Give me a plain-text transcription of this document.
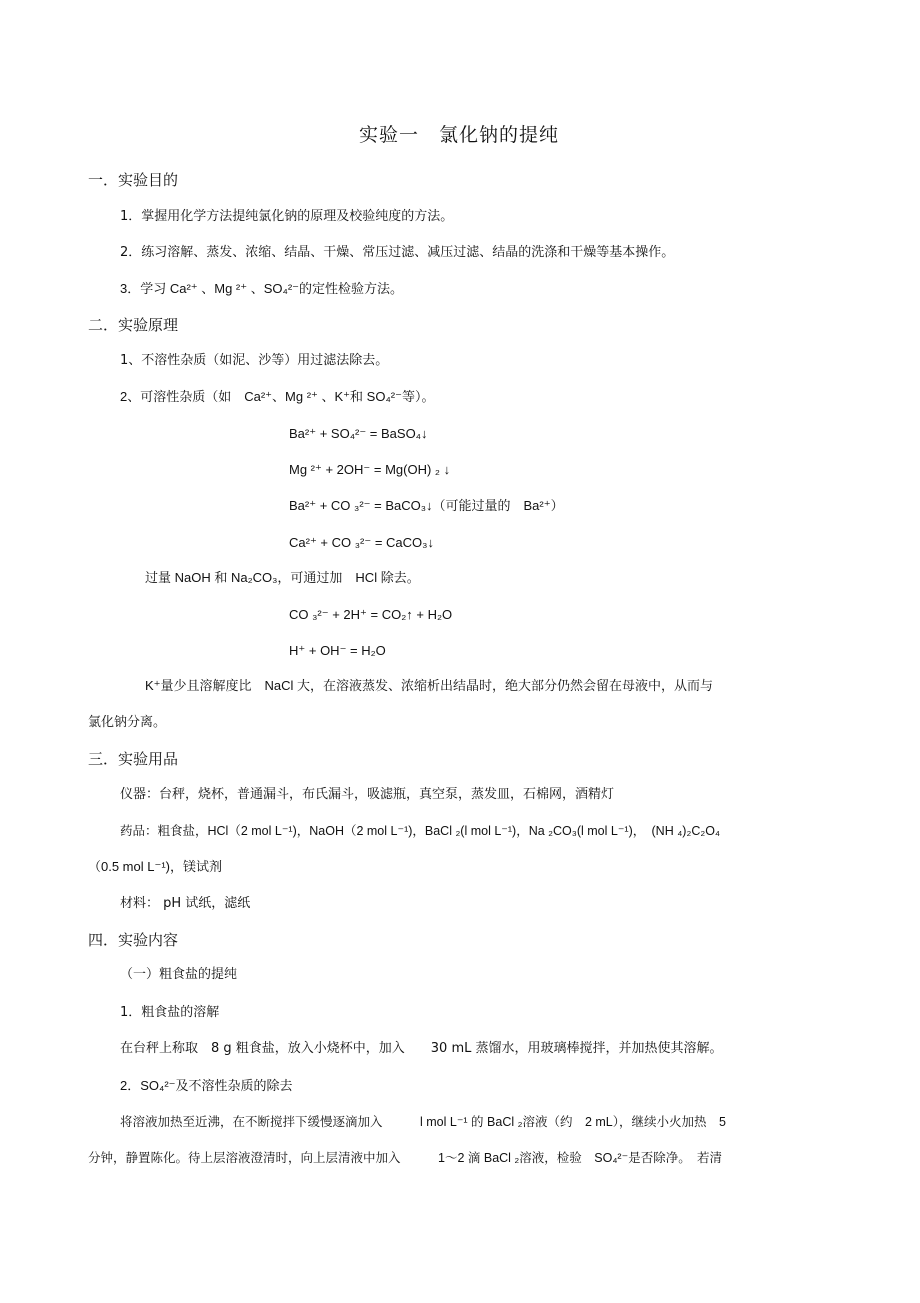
实验一　氯化钠的提纯
一．实验目的
1．掌握用化学方法提纯氯化钠的原理及校验纯度的方法。
2．练习溶解、蒸发、浓缩、结晶、干燥、常压过滤、减压过滤、结晶的洗涤和干燥等基本操作。
3．学习 Ca²⁺ 、Mg ²⁺ 、SO₄²⁻的定性检验方法。
二．实验原理
1、不溶性杂质（如泥、沙等）用过滤法除去。
2、可溶性杂质（如　Ca²⁺、Mg ²⁺ 、K⁺和 SO₄²⁻等）。
Ba²⁺ + SO₄²⁻ = BaSO₄↓
Mg ²⁺ + 2OH⁻ = Mg(OH) ₂ ↓
Ba²⁺ + CO ₃²⁻ = BaCO₃↓（可能过量的　Ba²⁺）
Ca²⁺ + CO ₃²⁻ = CaCO₃↓
过量 NaOH 和 Na₂CO₃，可通过加　HCl 除去。
CO ₃²⁻ + 2H⁺ = CO₂↑ + H₂O
H⁺ + OH⁻ = H₂O
K⁺量少且溶解度比　NaCl 大，在溶液蒸发、浓缩析出结晶时，绝大部分仍然会留在母液中，从而与
氯化钠分离。
三．实验用品
仪器：台秤，烧杯，普通漏斗，布氏漏斗，吸滤瓶，真空泵，蒸发皿，石棉网，酒精灯
药品：粗食盐，HCl（2 mol L⁻¹)，NaOH（2 mol L⁻¹)，BaCl ₂(l mol L⁻¹)，Na ₂CO₃(l mol L⁻¹)，　(NH ₄)₂C₂O₄
（0.5 mol L⁻¹)，镁试剂
材料： pH 试纸，滤纸
四．实验内容
（一）粗食盐的提纯
1．粗食盐的溶解
在台秤上称取　8 g 粗食盐，放入小烧杯中，加入　　30 mL 蒸馏水，用玻璃棒搅拌，并加热使其溶解。
2．SO₄²⁻及不溶性杂质的除去
将溶液加热至近沸，在不断搅拌下缓慢逐滴加入　　　l mol L⁻¹ 的 BaCl ₂溶液（约　2 mL），继续小火加热　5
分钟，静置陈化。待上层溶液澄清时，向上层清液中加入　　　1～2 滴 BaCl ₂溶液，检验　SO₄²⁻是否除净。　若清
